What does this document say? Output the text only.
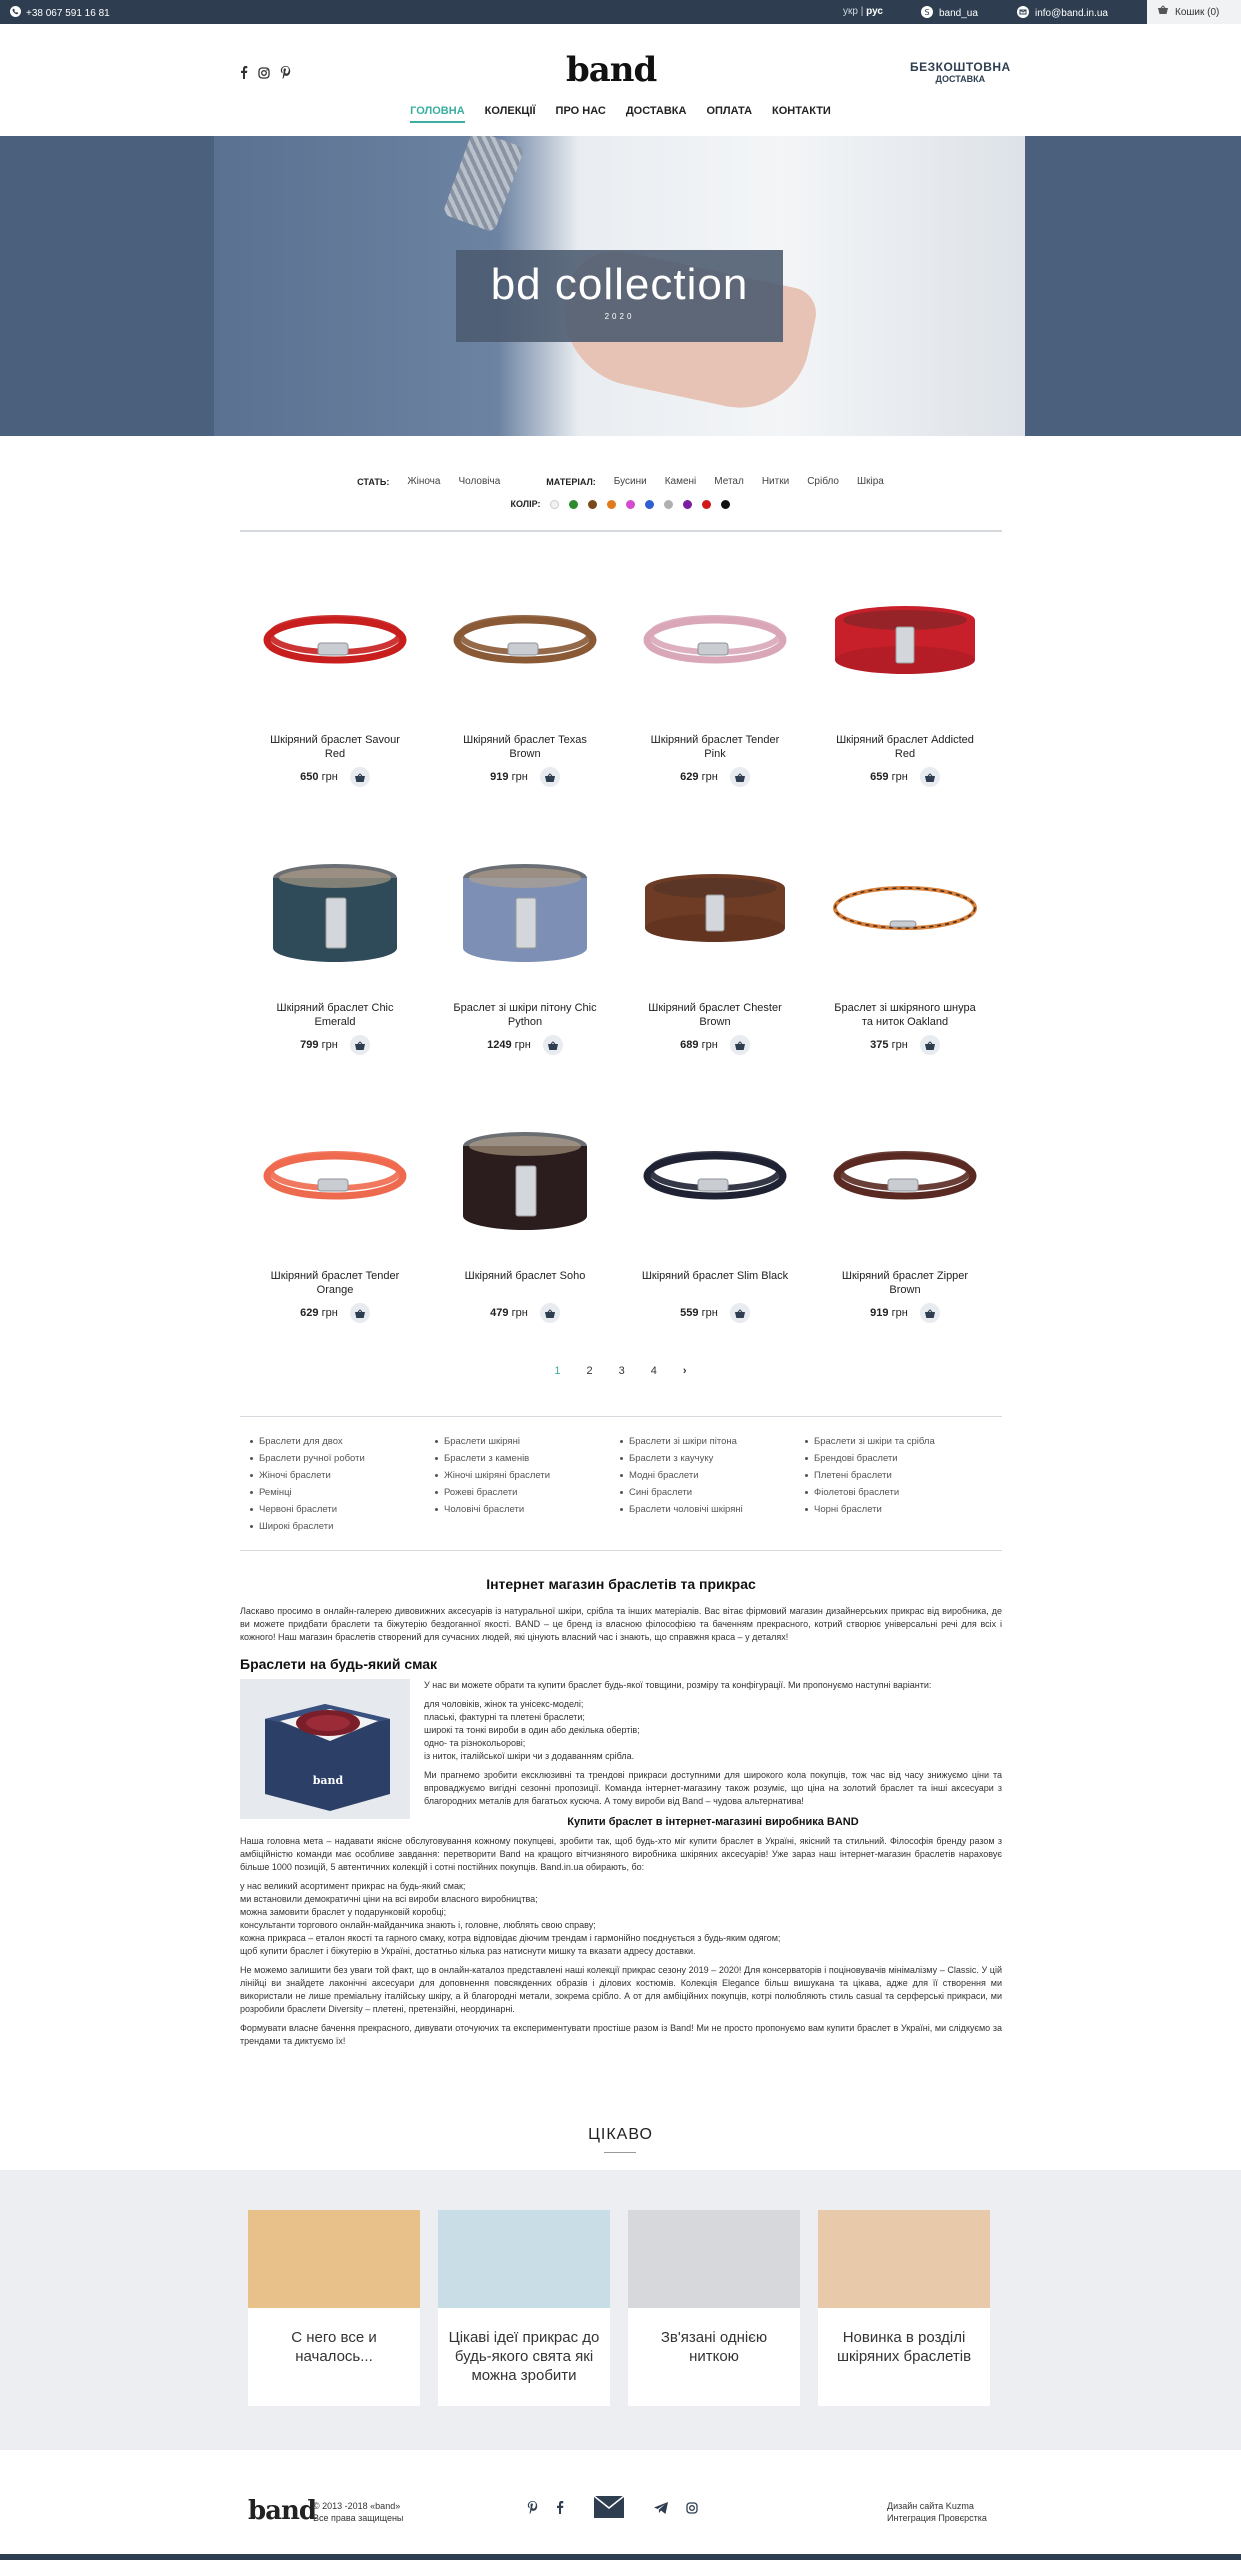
+38 067 591 16 81	укр | рус	S band_ua	info@band.in.ua	Кошик (0)
band	БЕЗКОШТОВНА
ДОСТАВКА
ГОЛОВНА КОЛЕКЦІЇ ПРО НАС ДОСТАВКА ОПЛАТА КОНТАКТИ
bd collection
2020
СТАТЬ: Жіноча Чоловіча	МАТЕРІАЛ: Бусини Камені Метал Нитки Срібло Шкіра
КОЛІР:
Шкіряний браслет Savour Red
650 грн
Шкіряний браслет Texas Brown
919 грн
Шкіряний браслет Tender Pink
629 грн
Шкіряний браслет Addicted Red
659 грн
Шкіряний браслет Chic Emerald
799 грн
Браслет зі шкіри пітону Chic Python
1249 грн
Шкіряний браслет Chester Brown
689 грн
Браслет зі шкіряного шнура та ниток Oakland
375 грн
Шкіряний браслет Tender Orange
629 грн
Шкіряний браслет Soho
479 грн
Шкіряний браслет Slim Black
559 грн
Шкіряний браслет Zipper Brown
919 грн
1 2 3 4 ›
Браслети для двох	Браслети шкіряні	Браслети зі шкіри пітона	Браслети зі шкіри та срібла
Браслети ручної роботи	Браслети з каменів	Браслети з каучуку	Брендові браслети
Жіночі браслети	Жіночі шкіряні браслети	Модні браслети	Плетені браслети
Ремінці	Рожеві браслети	Сині браслети	Фіолетові браслети
Червоні браслети	Чоловічі браслети	Браслети чоловічі шкіряні	Чорні браслети
Широкі браслети
Інтернет магазин браслетів та прикрас

Ласкаво просимо в онлайн-галерею дивовижних аксесуарів із натуральної шкіри, срібла та інших матеріалів. Вас вітає фірмовий магазин дизайнерських прикрас від виробника, де ви можете придбати браслети та біжутерію бездоганної якості. BAND – це бренд із власною філософією та баченням прекрасного, котрий створює універсальні речі для всіх і кожного! Наш магазин браслетів створений для сучасних людей, які цінують власний час і знають, що справжня краса – у деталях!

Браслети на будь-який смак
band

У нас ви можете обрати та купити браслет будь-якої товщини, розміру та конфігурації. Ми пропонуємо наступні варіанти:

для чоловіків, жінок та унісекс-моделі;
плаські, фактурні та плетені браслети;
широкі та тонкі вироби в один або декілька обертів;
одно- та різнокольорові;
із ниток, італійської шкіри чи з додаванням срібла.

Ми прагнемо зробити ексклюзивні та трендові прикраси доступними для широкого кола покупців, тож час від часу знижуємо ціни та впроваджуємо вигідні сезонні пропозиції. Команда інтернет-магазину також розуміє, що ціна на золотий браслет та інші аксесуари з благородних металів для багатьох кусюча. А тому вироби від Band – чудова альтернатива!

Купити браслет в інтернет-магазині виробника BAND

Наша головна мета – надавати якісне обслуговування кожному покупцеві, зробити так, щоб будь-хто міг купити браслет в Україні, якісний та стильний. Філософія бренду разом з амбіційністю команди має особливе завдання: перетворити Band на кращого вітчизняного виробника шкіряних аксесуарів! Уже зараз наш інтернет-магазин браслетів нараховує більше 1000 позицій, 5 автентичних колекцій і сотні постійних покупців. Band.in.ua обирають, бо:

у нас великий асортимент прикрас на будь-який смак;
ми встановили демократичні ціни на всі вироби власного виробництва;
можна замовити браслет у подарунковій коробці;
консультанти торгового онлайн-майданчика знають і, головне, люблять свою справу;
кожна прикраса – еталон якості та гарного смаку, котра відповідає діючим трендам і гармонійно поєднується з будь-яким одягом;
щоб купити браслет і біжутерію в Україні, достатньо кілька раз натиснути мишку та вказати адресу доставки.

Не можемо залишити без уваги той факт, що в онлайн-каталоз представлені наші колекції прикрас сезону 2019 – 2020! Для консерваторів і поціновувачів мінімалізму – Classic. У цій лінійці ви знайдете лаконічні аксесуари для доповнення повсякденних образів і ділових костюмів. Колекція Elegance більш вишукана та цікава, адже для її створення ми використали не лише преміальну італійську шкіру, а й благородні метали, зокрема срібло. А от для амбіційних покупців, котрі полюбляють стиль casual та серферські прикраси, ми розробили браслети Diversity – плетені, претензійні, неординарні.

Формувати власне бачення прекрасного, дивувати оточуючих та експериментувати простіше разом із Band! Ми не просто пропонуємо вам купити браслет в Україні, ми слідкуємо за трендами та диктуємо їх!

ЦІКАВО
С него все и началось...
Цікаві ідеї прикрас до будь-якого свята які можна зробити
Зв'язані однією ниткою
Новинка в розділі шкіряних браслетів
band
© 2013 -2018 «band»
Все права защищены
Дизайн сайта Kuzma
Интеграция Провєрстка
